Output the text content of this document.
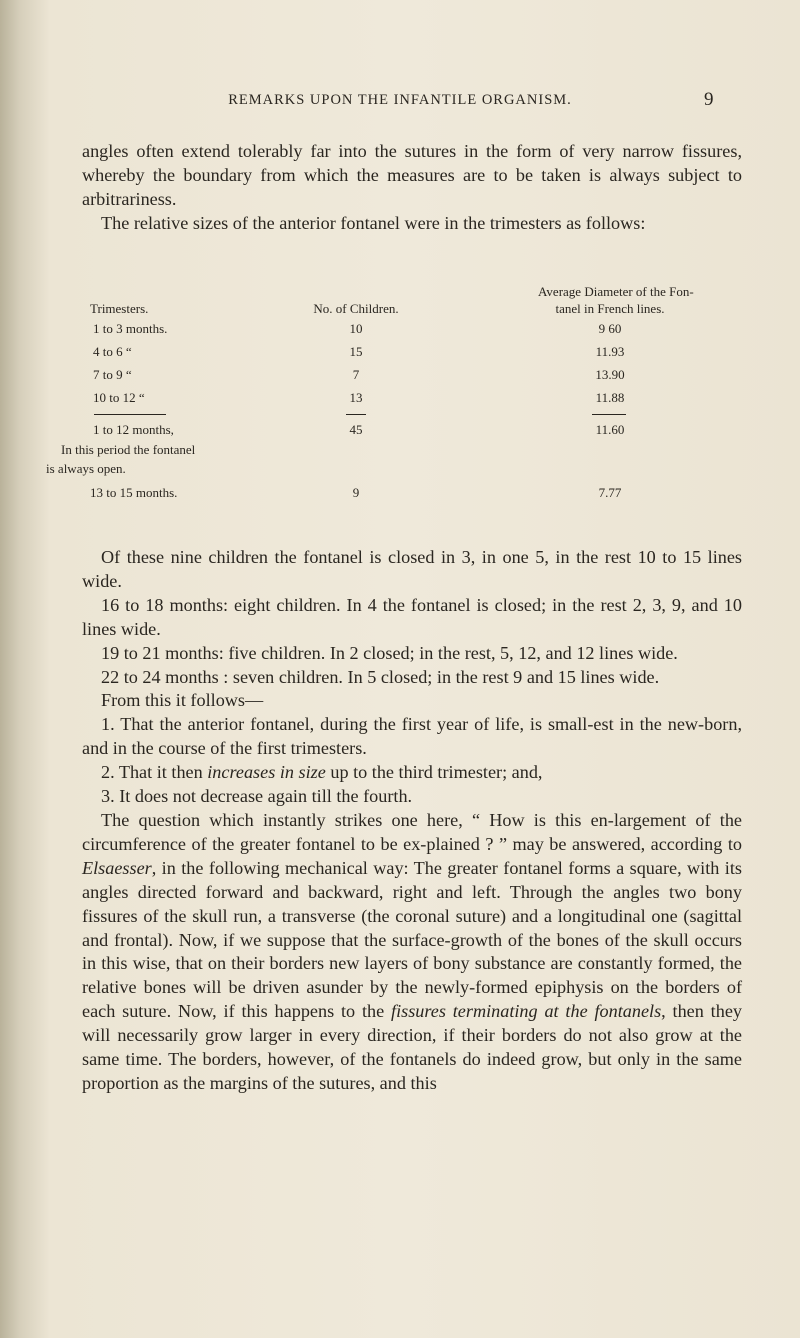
REMARKS UPON THE INFANTILE ORGANISM.	9

angles often extend tolerably far into the sutures in the form of very narrow fissures, whereby the boundary from which the measures are to be taken is always subject to arbitrariness.

The relative sizes of the anterior fontanel were in the trimesters as follows:

Average Diameter of the Fon-
Trimesters.	No. of Children.	tanel in French lines.
1 to 3 months.	10	9 60
4 to 6 “	15	11.93
7 to 9 “	7	13.90
10 to 12 “	13	11.88
1 to 12 months,	45	11.60
In this period the fontanel
is always open.
13 to 15 months.	9	7.77

Of these nine children the fontanel is closed in 3, in one 5, in the rest 10 to 15 lines wide.

16 to 18 months: eight children. In 4 the fontanel is closed; in the rest 2, 3, 9, and 10 lines wide.

19 to 21 months: five children. In 2 closed; in the rest, 5, 12, and 12 lines wide.

22 to 24 months : seven children. In 5 closed; in the rest 9 and 15 lines wide.

From this it follows—

1. That the anterior fontanel, during the first year of life, is small-est in the new-born, and in the course of the first trimesters.

2. That it then increases in size up to the third trimester; and,

3. It does not decrease again till the fourth.

The question which instantly strikes one here, “ How is this en-largement of the circumference of the greater fontanel to be ex-plained ? ” may be answered, according to Elsaesser, in the following mechanical way: The greater fontanel forms a square, with its angles directed forward and backward, right and left. Through the angles two bony fissures of the skull run, a transverse (the coronal suture) and a longitudinal one (sagittal and frontal). Now, if we suppose that the surface-growth of the bones of the skull occurs in this wise, that on their borders new layers of bony substance are constantly formed, the relative bones will be driven asunder by the newly-formed epiphysis on the borders of each suture. Now, if this happens to the fissures terminating at the fontanels, then they will necessarily grow larger in every direction, if their borders do not also grow at the same time. The borders, however, of the fontanels do indeed grow, but only in the same proportion as the margins of the sutures, and this
